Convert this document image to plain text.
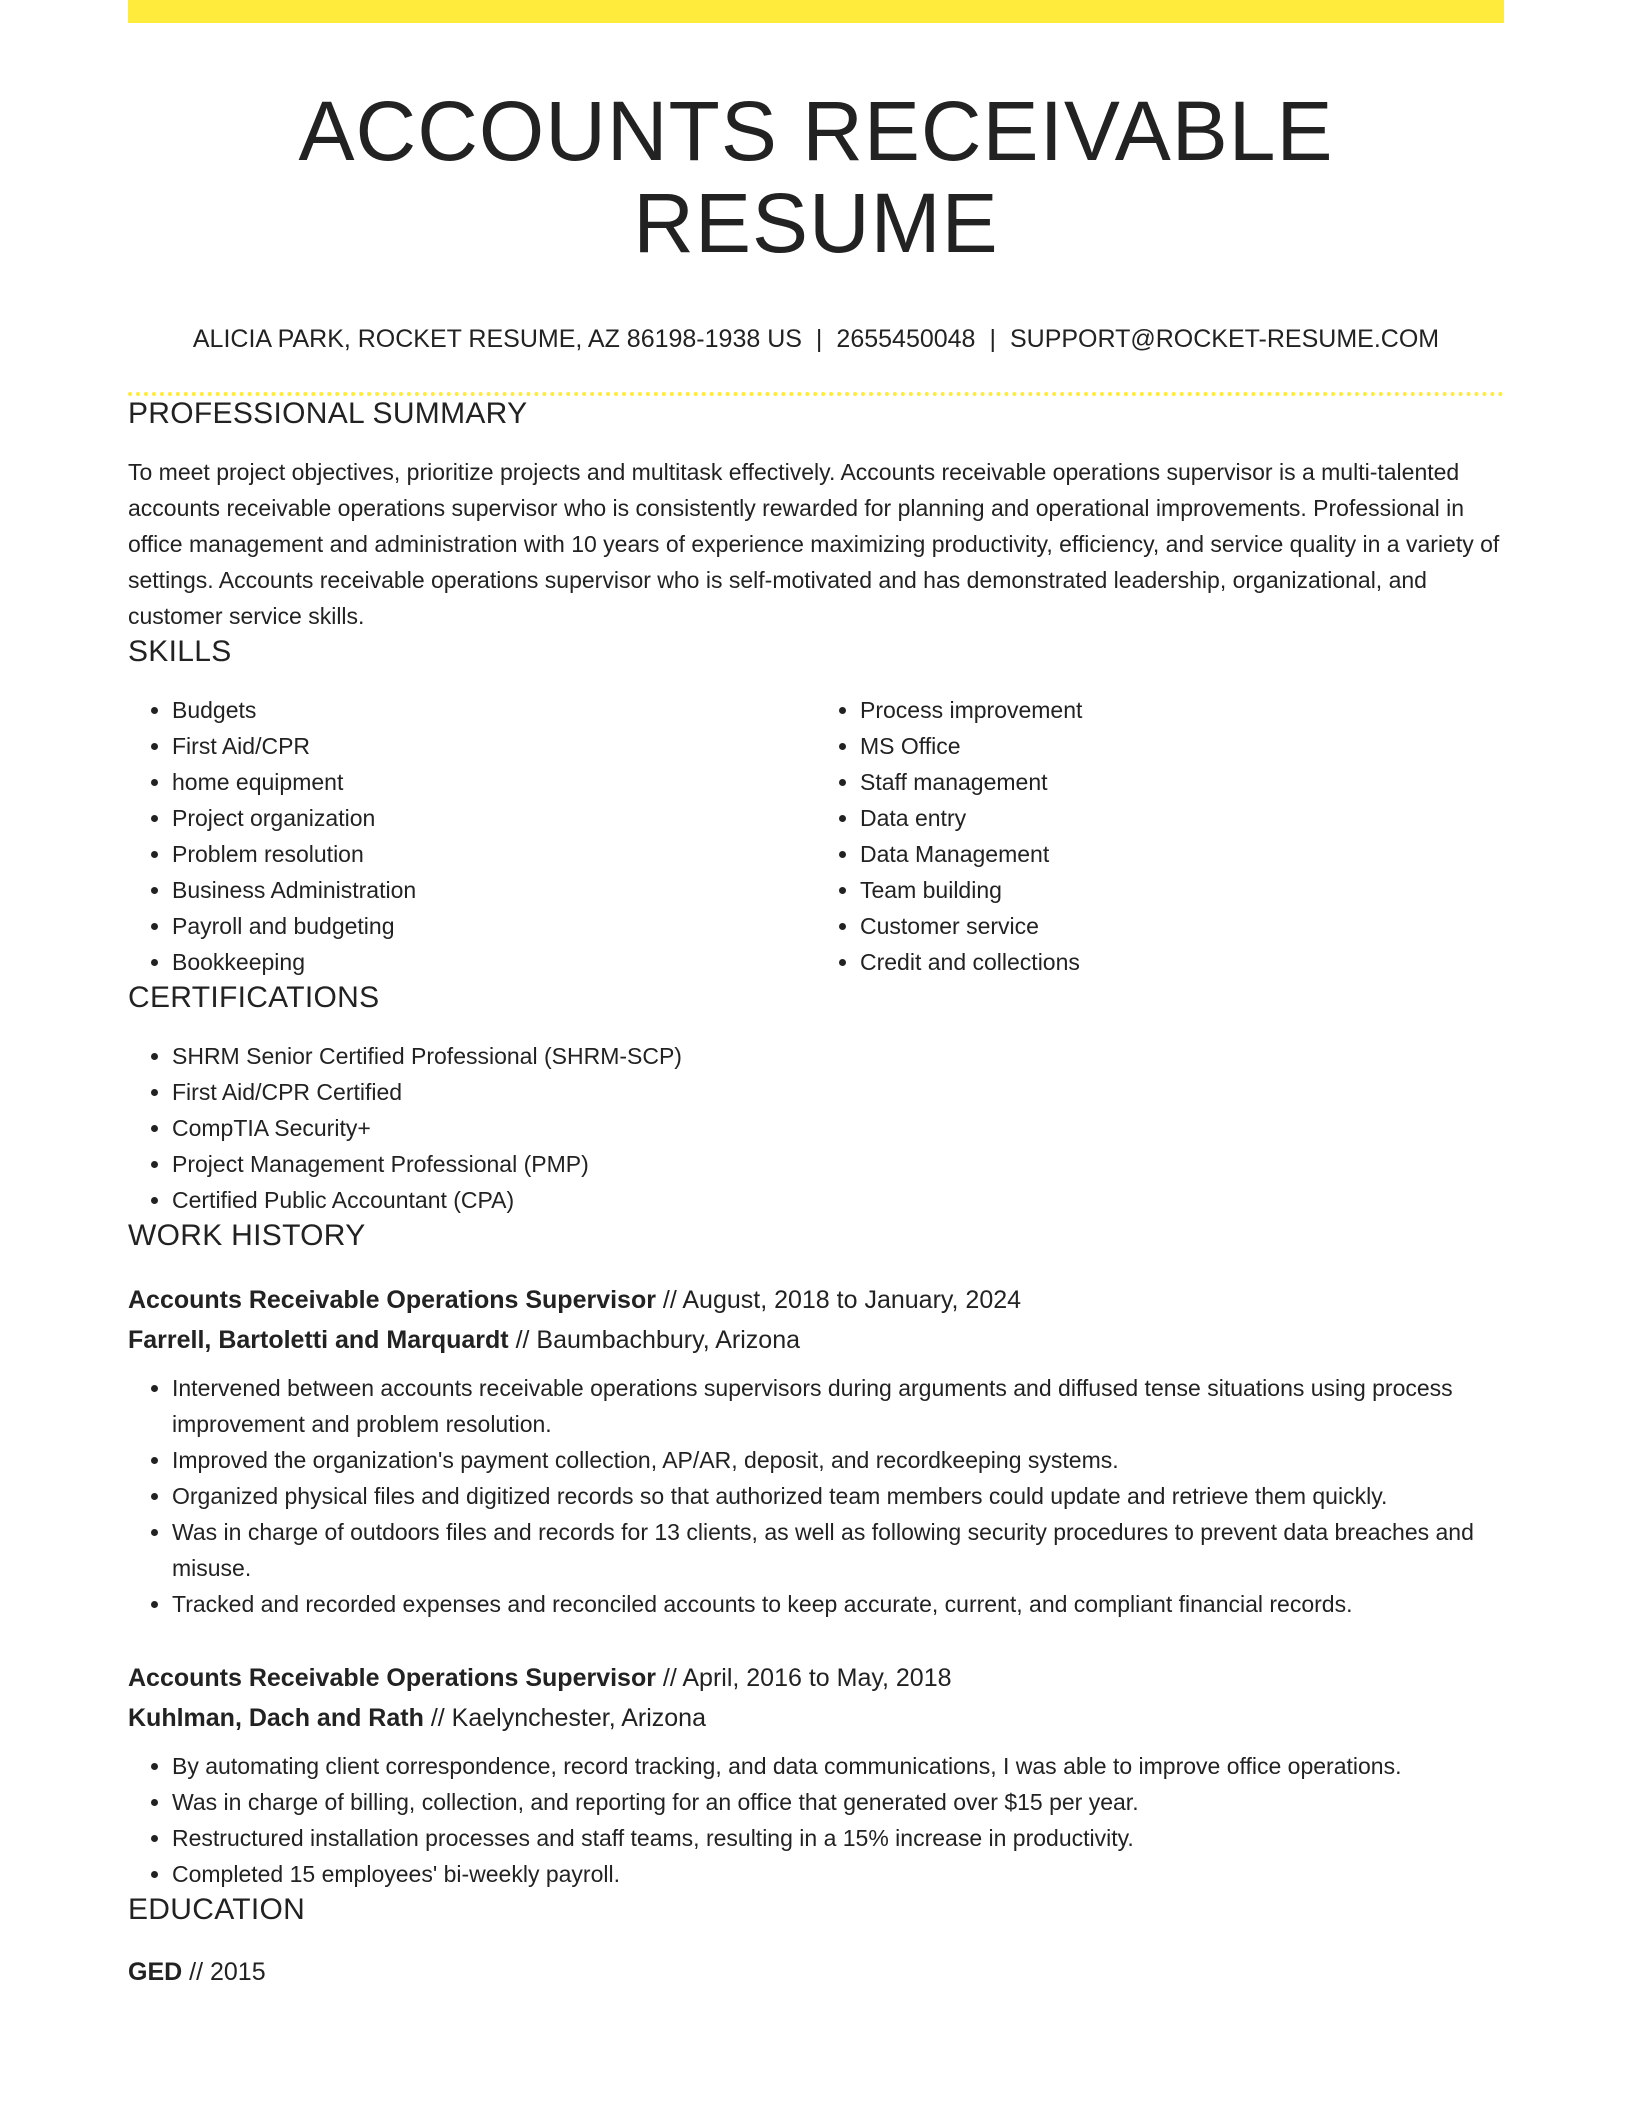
ACCOUNTS RECEIVABLE RESUME
ALICIA PARK, ROCKET RESUME, AZ 86198-1938 US | 2655450048 | SUPPORT@ROCKET-RESUME.COM
PROFESSIONAL SUMMARY
To meet project objectives, prioritize projects and multitask effectively. Accounts receivable operations supervisor is a multi-talented accounts receivable operations supervisor who is consistently rewarded for planning and operational improvements. Professional in office management and administration with 10 years of experience maximizing productivity, efficiency, and service quality in a variety of settings. Accounts receivable operations supervisor who is self-motivated and has demonstrated leadership, organizational, and customer service skills.
SKILLS
• Budgets
• First Aid/CPR
• home equipment
• Project organization
• Problem resolution
• Business Administration
• Payroll and budgeting
• Bookkeeping
• Process improvement
• MS Office
• Staff management
• Data entry
• Data Management
• Team building
• Customer service
• Credit and collections
CERTIFICATIONS
• SHRM Senior Certified Professional (SHRM-SCP)
• First Aid/CPR Certified
• CompTIA Security+
• Project Management Professional (PMP)
• Certified Public Accountant (CPA)
WORK HISTORY
Accounts Receivable Operations Supervisor // August, 2018 to January, 2024
Farrell, Bartoletti and Marquardt // Baumbachbury, Arizona
• Intervened between accounts receivable operations supervisors during arguments and diffused tense situations using process improvement and problem resolution.
• Improved the organization's payment collection, AP/AR, deposit, and recordkeeping systems.
• Organized physical files and digitized records so that authorized team members could update and retrieve them quickly.
• Was in charge of outdoors files and records for 13 clients, as well as following security procedures to prevent data breaches and misuse.
• Tracked and recorded expenses and reconciled accounts to keep accurate, current, and compliant financial records.
Accounts Receivable Operations Supervisor // April, 2016 to May, 2018
Kuhlman, Dach and Rath // Kaelynchester, Arizona
• By automating client correspondence, record tracking, and data communications, I was able to improve office operations.
• Was in charge of billing, collection, and reporting for an office that generated over $15 per year.
• Restructured installation processes and staff teams, resulting in a 15% increase in productivity.
• Completed 15 employees' bi-weekly payroll.
EDUCATION
GED // 2015
